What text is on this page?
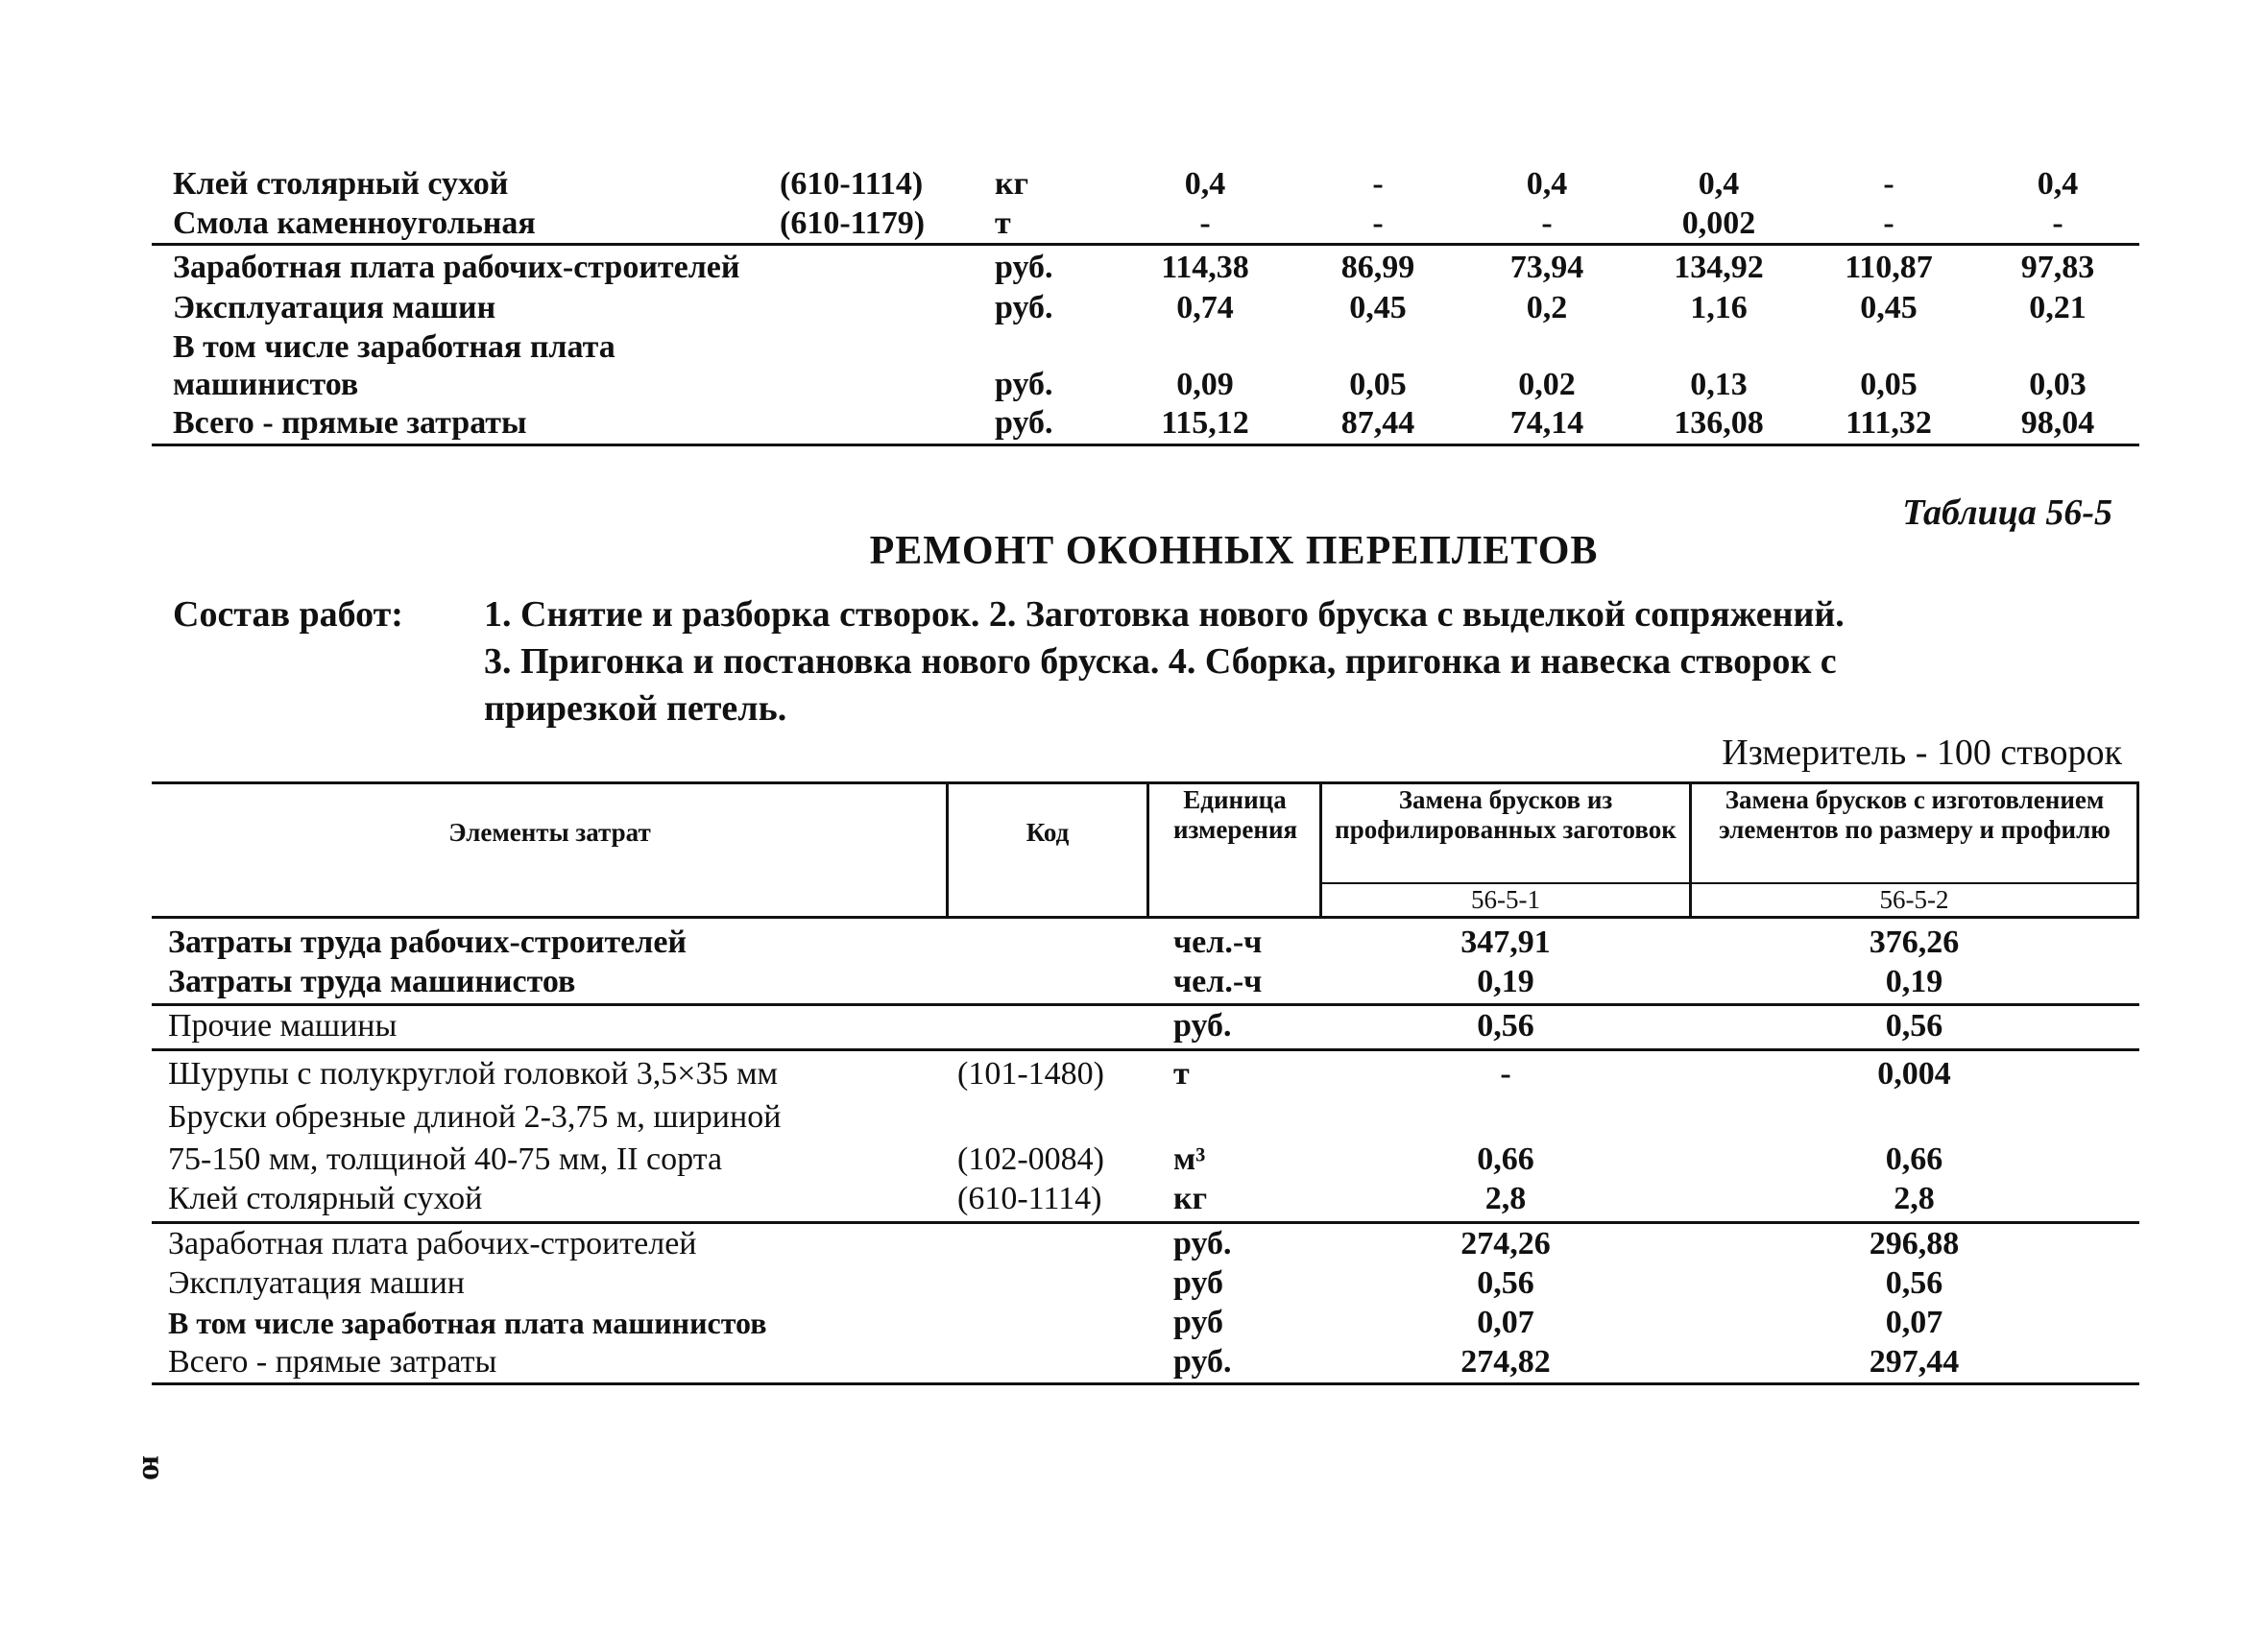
Клей столярный сухой	(610-1114) кг	0,4	-	0,4	0,4	-	0,4
Смола каменноугольная	(610-1179) т	-	-	-	0,002	-	-
Заработная плата рабочих-строителей	руб.	114,38	86,99	73,94	134,92	110,87	97,83
Эксплуатация машин	руб.	0,74	0,45	0,2	1,16	0,45	0,21
В том числе заработная плата
машинистов	руб.	0,09	0,05	0,02	0,13	0,05	0,03
Всего - прямые затраты	руб.	115,12	87,44	74,14	136,08	111,32	98,04
Таблица 56-5
РЕМОНТ ОКОННЫХ ПЕРЕПЛЕТОВ
Состав работ: 1. Снятие и разборка створок. 2. Заготовка нового бруска с выделкой сопряжений.
3. Пригонка и постановка нового бруска. 4. Сборка, пригонка и навеска створок с
прирезкой петель.
Измеритель - 100 створок
Элементы затрат	Код
Единица измерения
Замена брусков из профилированных заготовок
Замена брусков с изготовлением элементов по размеру и профилю
56-5-1	56-5-2
Затраты труда рабочих-строителей	чел.-ч	347,91	376,26
Затраты труда машинистов	чел.-ч	0,19	0,19
Прочие машины	руб.	0,56	0,56
Шурупы с полукруглой головкой 3,5×35 мм	(101-1480) т	-	0,004
Бруски обрезные длиной 2-3,75 м, шириной
75-150 мм, толщиной 40-75 мм, II сорта	(102-0084) м³	0,66	0,66
Клей столярный сухой	(610-1114) кг	2,8	2,8
Заработная плата рабочих-строителей	руб.	274,26	296,88
Эксплуатация машин	руб	0,56	0,56
В том числе заработная плата машинистов	руб	0,07	0,07
Всего - прямые затраты	руб.	274,82	297,44
ю
